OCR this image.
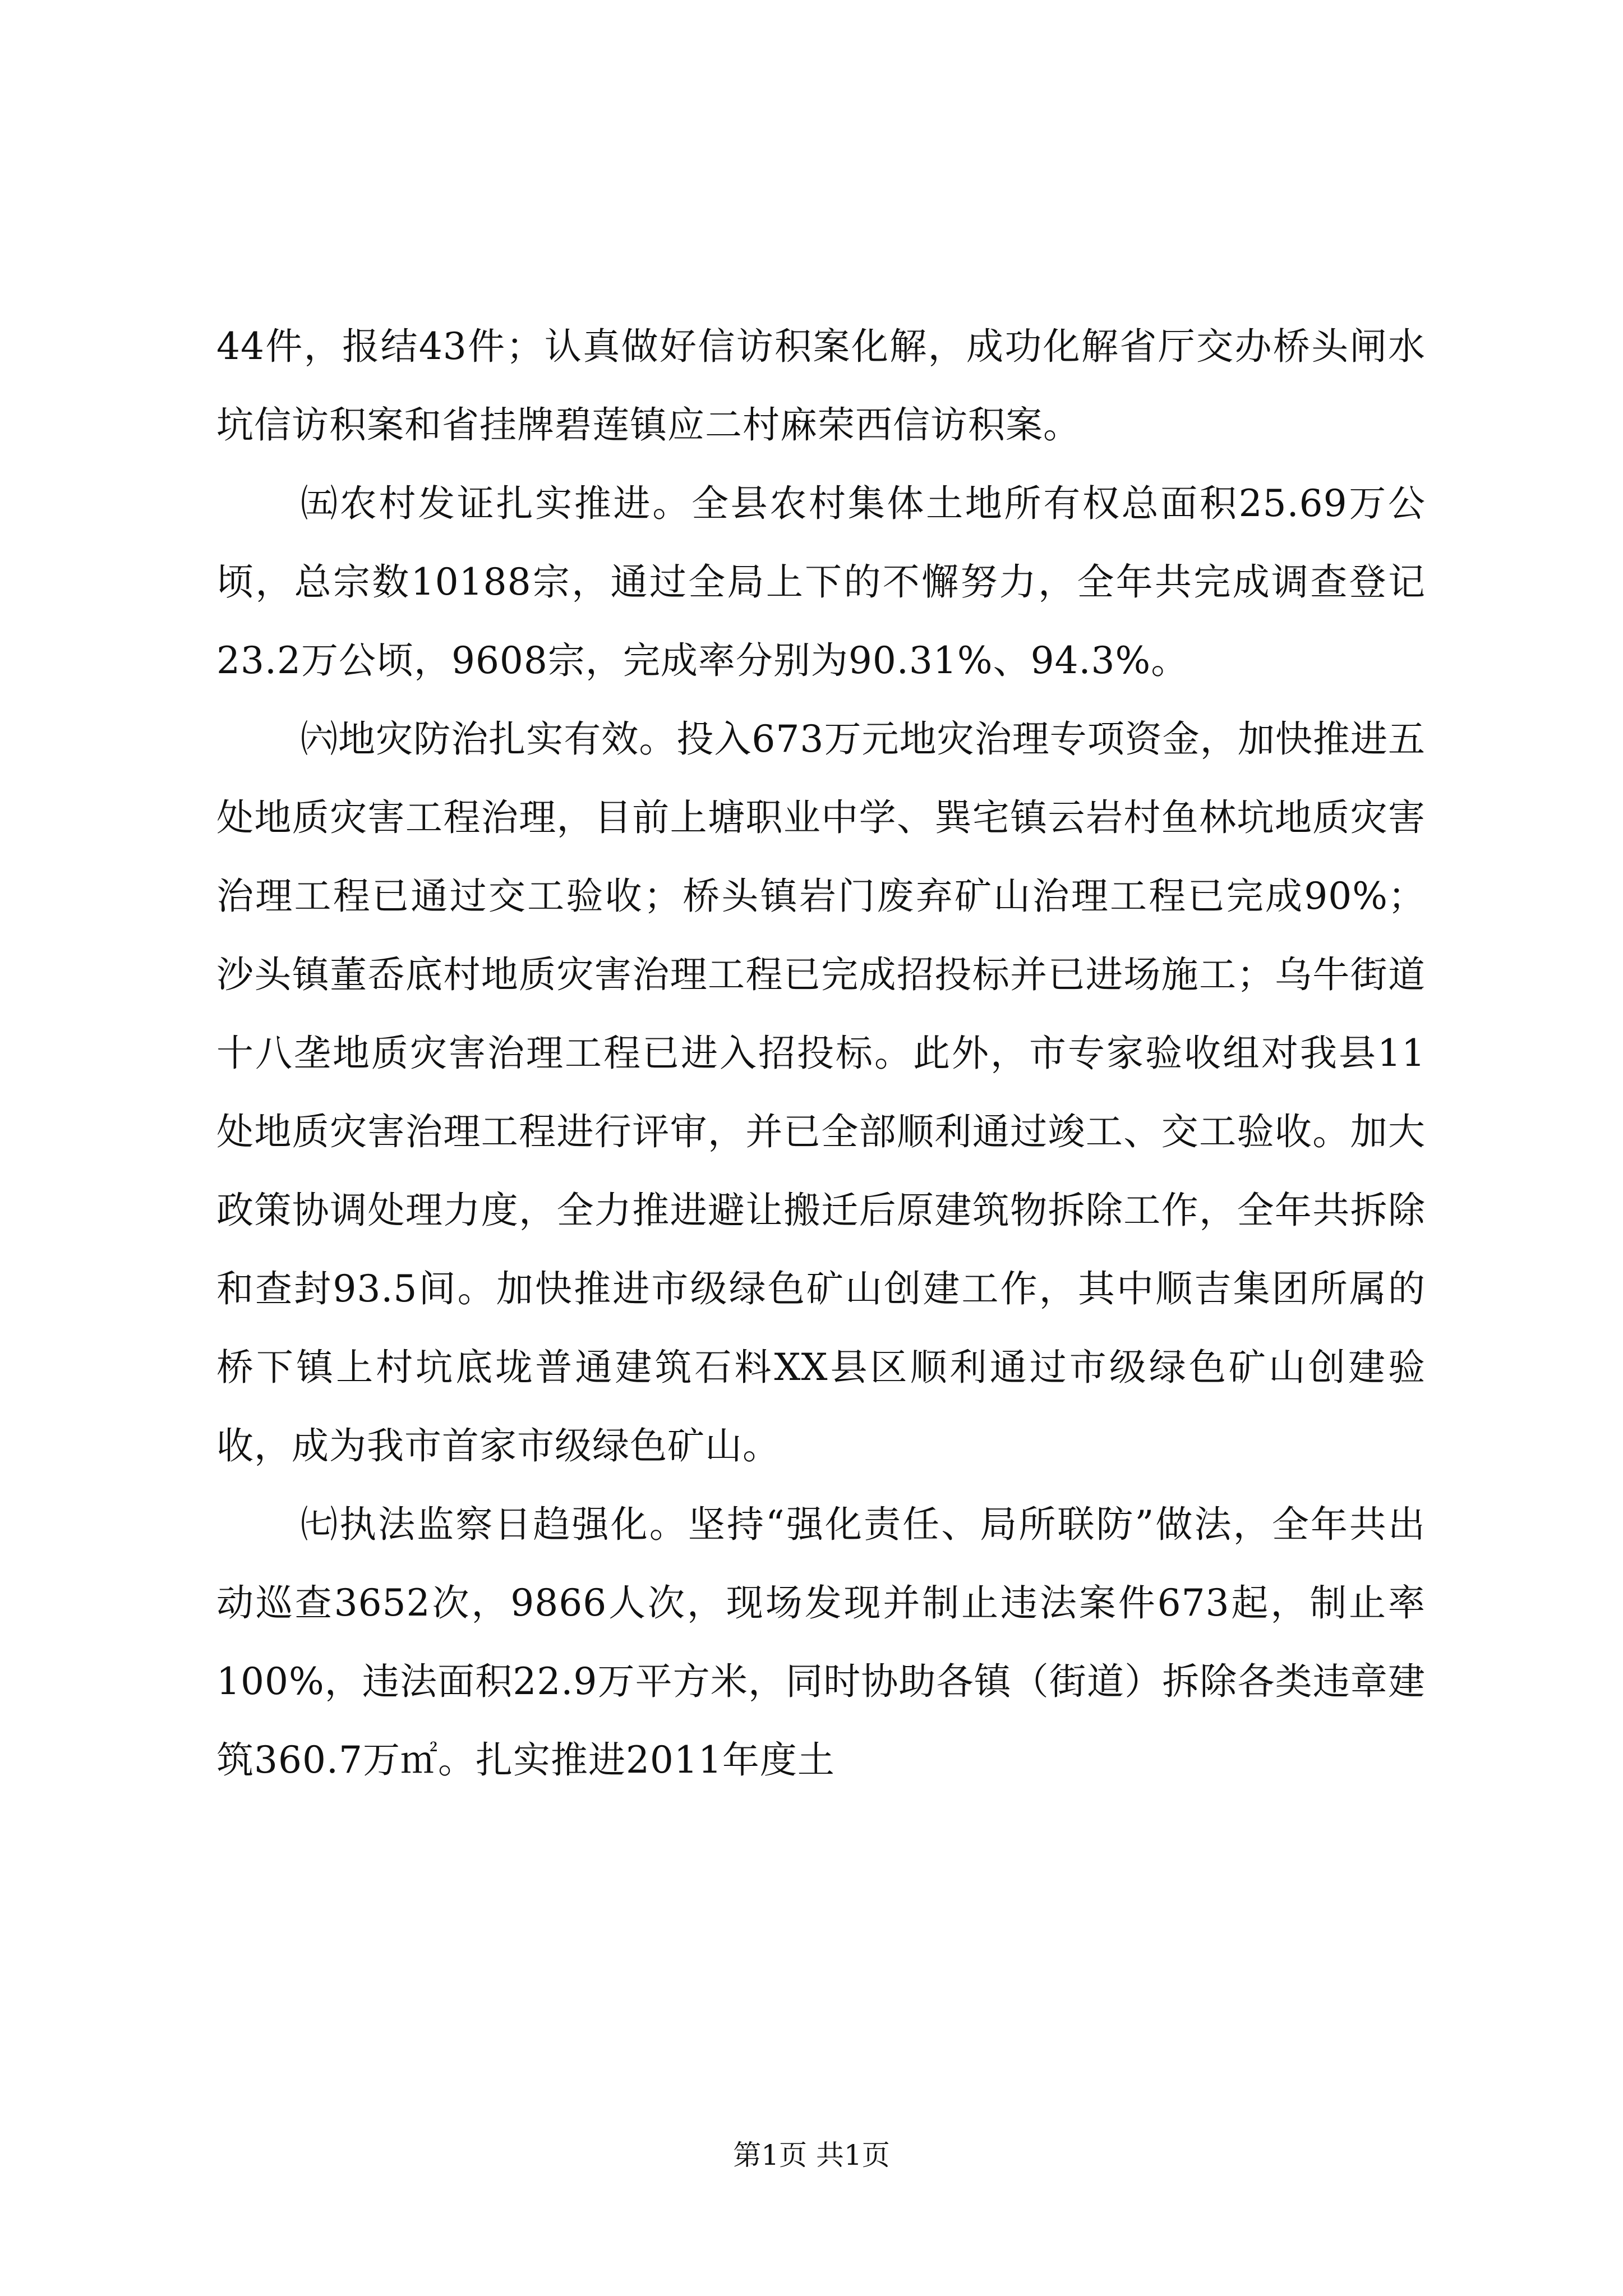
44件，报结43件；认真做好信访积案化解，成功化解省厅交办桥头闸水坑信访积案和省挂牌碧莲镇应二村麻荣西信访积案。

㈤农村发证扎实推进。全县农村集体土地所有权总面积25.69万公顷，总宗数10188宗，通过全局上下的不懈努力，全年共完成调查登记23.2万公顷，9608宗，完成率分别为90.31%、94.3%。

㈥地灾防治扎实有效。投入673万元地灾治理专项资金，加快推进五处地质灾害工程治理，目前上塘职业中学、巽宅镇云岩村鱼林坑地质灾害治理工程已通过交工验收；桥头镇岩门废弃矿山治理工程已完成90%；沙头镇董岙底村地质灾害治理工程已完成招投标并已进场施工；乌牛街道十八垄地质灾害治理工程已进入招投标。此外，市专家验收组对我县11处地质灾害治理工程进行评审，并已全部顺利通过竣工、交工验收。加大政策协调处理力度，全力推进避让搬迁后原建筑物拆除工作，全年共拆除和查封93.5间。加快推进市级绿色矿山创建工作，其中顺吉集团所属的桥下镇上村坑底垅普通建筑石料XX县区顺利通过市级绿色矿山创建验收，成为我市首家市级绿色矿山。

㈦执法监察日趋强化。坚持“强化责任、局所联防”做法，全年共出动巡查3652次，9866人次，现场发现并制止违法案件673起，制止率100%，违法面积22.9万平方米，同时协助各镇（街道）拆除各类违章建筑360.7万㎡。扎实推进2011年度土

第1页 共1页
